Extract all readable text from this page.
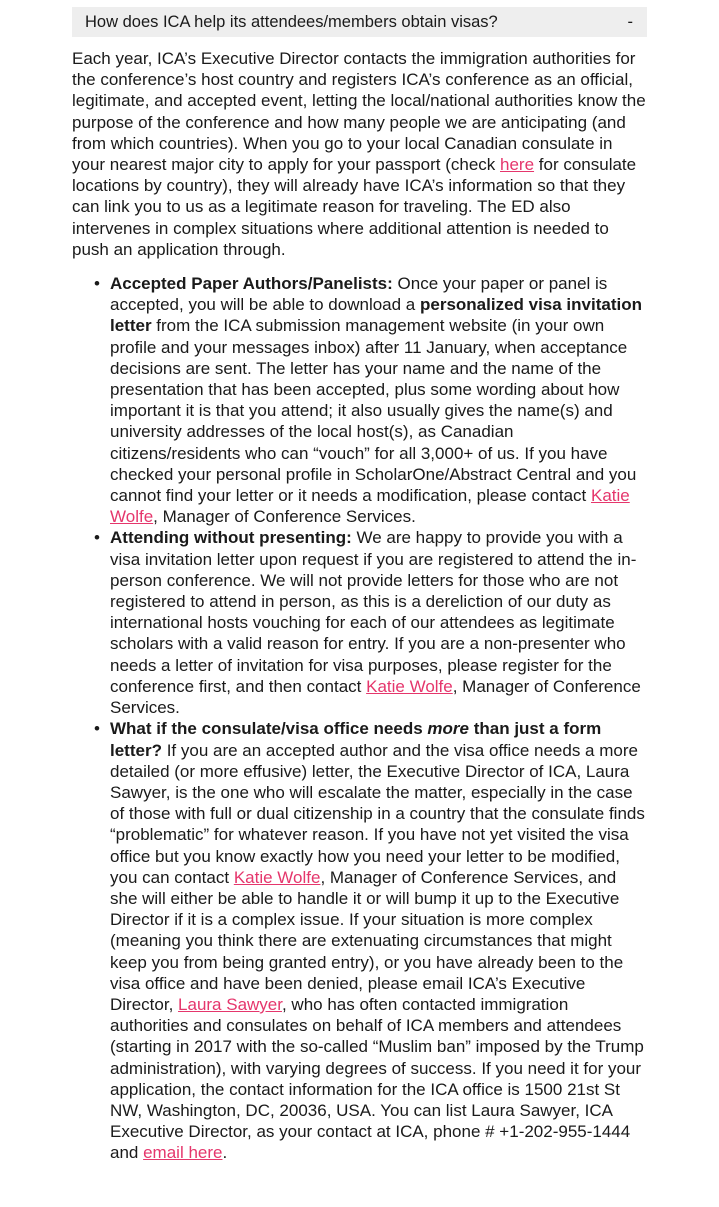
How does ICA help its attendees/members obtain visas?	-

Each year, ICA’s Executive Director contacts the immigration authorities for the conference’s host country and registers ICA’s conference as an official, legitimate, and accepted event, letting the local/national authorities know the purpose of the conference and how many people we are anticipating (and from which countries). When you go to your local Canadian consulate in your nearest major city to apply for your passport (check here for consulate locations by country), they will already have ICA’s information so that they can link you to us as a legitimate reason for traveling. The ED also intervenes in complex situations where additional attention is needed to push an application through.

• Accepted Paper Authors/Panelists: Once your paper or panel is accepted, you will be able to download a personalized visa invitation letter from the ICA submission management website (in your own profile and your messages inbox) after 11 January, when acceptance decisions are sent. The letter has your name and the name of the presentation that has been accepted, plus some wording about how important it is that you attend; it also usually gives the name(s) and university addresses of the local host(s), as Canadian citizens/residents who can “vouch” for all 3,000+ of us. If you have checked your personal profile in ScholarOne/Abstract Central and you cannot find your letter or it needs a modification, please contact Katie Wolfe, Manager of Conference Services.
• Attending without presenting: We are happy to provide you with a visa invitation letter upon request if you are registered to attend the in-person conference. We will not provide letters for those who are not registered to attend in person, as this is a dereliction of our duty as international hosts vouching for each of our attendees as legitimate scholars with a valid reason for entry. If you are a non-presenter who needs a letter of invitation for visa purposes, please register for the conference first, and then contact Katie Wolfe, Manager of Conference Services.
• What if the consulate/visa office needs more than just a form letter? If you are an accepted author and the visa office needs a more detailed (or more effusive) letter, the Executive Director of ICA, Laura Sawyer, is the one who will escalate the matter, especially in the case of those with full or dual citizenship in a country that the consulate finds “problematic” for whatever reason. If you have not yet visited the visa office but you know exactly how you need your letter to be modified, you can contact Katie Wolfe, Manager of Conference Services, and she will either be able to handle it or will bump it up to the Executive Director if it is a complex issue. If your situation is more complex (meaning you think there are extenuating circumstances that might keep you from being granted entry), or you have already been to the visa office and have been denied, please email ICA’s Executive Director, Laura Sawyer, who has often contacted immigration authorities and consulates on behalf of ICA members and attendees (starting in 2017 with the so-called “Muslim ban” imposed by the Trump administration), with varying degrees of success. If you need it for your application, the contact information for the ICA office is 1500 21st St NW, Washington, DC, 20036, USA. You can list Laura Sawyer, ICA Executive Director, as your contact at ICA, phone # +1-202-955-1444 and email here.
